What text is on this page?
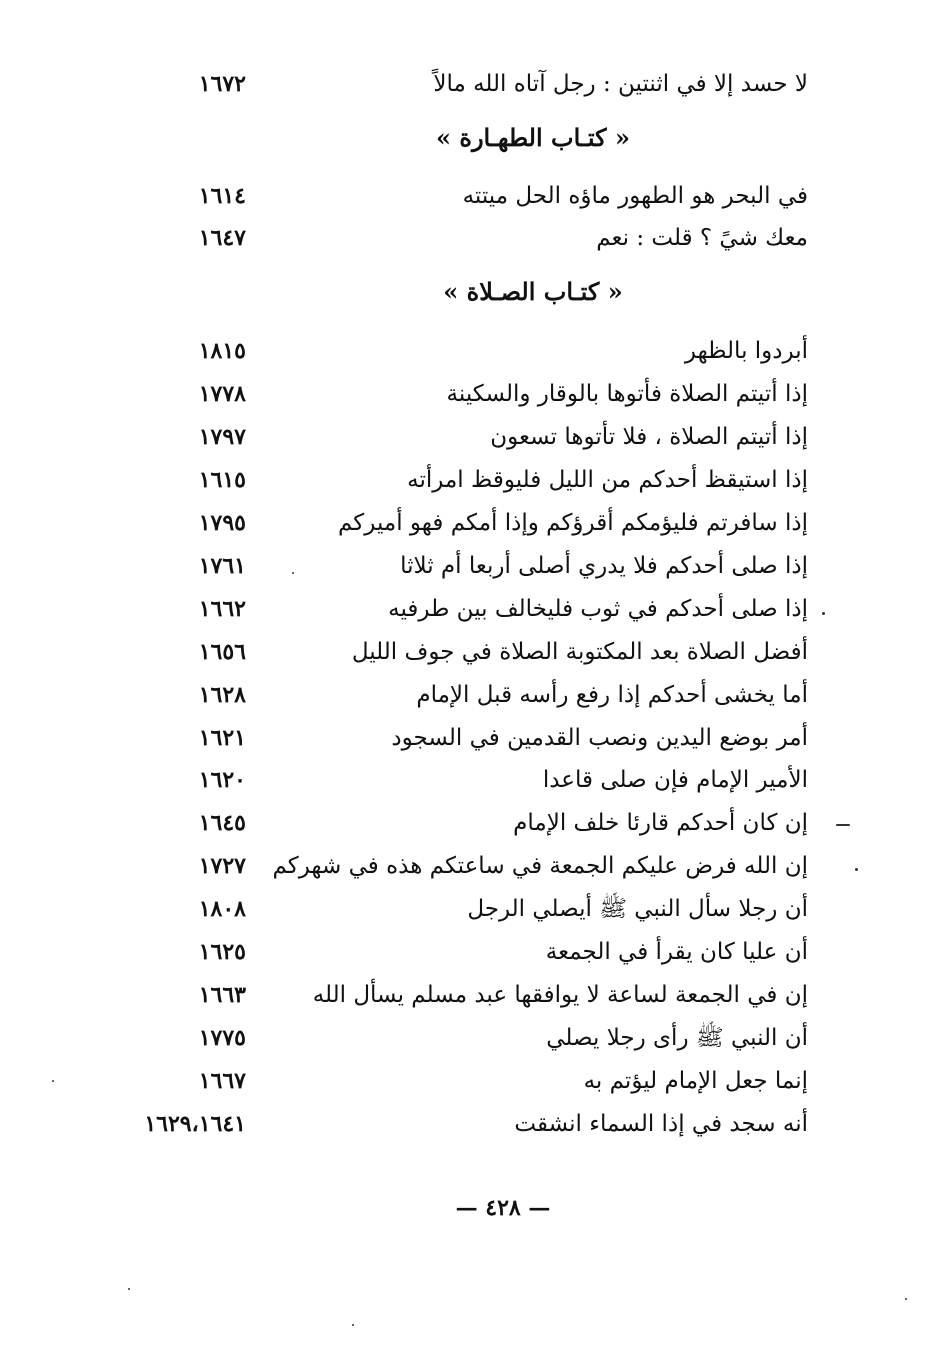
لا حسد إلا في اثنتين : رجل آتاه الله مالاً
١٦٧٢
« كتـاب الطهـارة »
في البحر هو الطهور ماؤه الحل ميتته
١٦١٤
معك شيً ؟ قلت : نعم
١٦٤٧
« كتـاب الصـلاة »
أبردوا بالظهر
١٨١٥
إذا أتيتم الصلاة فأتوها بالوقار والسكينة
١٧٧٨
إذا أتيتم الصلاة ، فلا تأتوها تسعون
١٧٩٧
إذا استيقظ أحدكم من الليل فليوقظ امرأته
١٦١٥
إذا سافرتم فليؤمكم أقرؤكم وإذا أمكم فهو أميركم
١٧٩٥
إذا صلى أحدكم فلا يدري أصلى أربعا أم ثلاثا
١٧٦١
إذا صلى أحدكم في ثوب فليخالف بين طرفيه
١٦٦٢
أفضل الصلاة بعد المكتوبة الصلاة في جوف الليل
١٦٥٦
أما يخشى أحدكم إذا رفع رأسه قبل الإمام
١٦٢٨
أمر بوضع اليدين ونصب القدمين في السجود
١٦٢١
الأمير الإمام فإن صلى قاعدا
١٦٢٠
إن كان أحدكم قارئا خلف الإمام
١٦٤٥
إن الله فرض عليكم الجمعة في ساعتكم هذه في شهركم
١٧٢٧
أن رجلا سأل النبي ﷺ أيصلي الرجل
١٨٠٨
أن عليا كان يقرأ في الجمعة
١٦٢٥
إن في الجمعة لساعة لا يوافقها عبد مسلم يسأل الله
١٦٦٣
أن النبي ﷺ رأى رجلا يصلي
١٧٧٥
إنما جعل الإمام ليؤتم به
١٦٦٧
أنه سجد في إذا السماء انشقت
١٦٢٩،١٦٤١
— ٤٢٨ —
